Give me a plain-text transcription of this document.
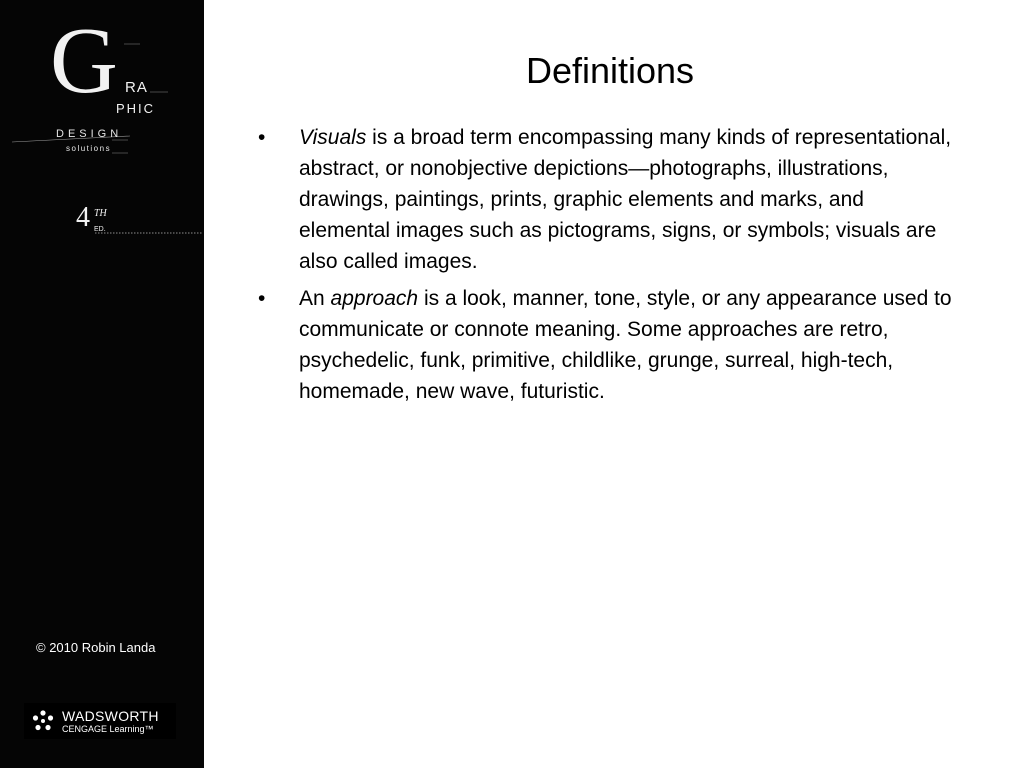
G RA
PHIC
DESIGN
solutions
4 TH
ED.
© 2010 Robin Landa
WADSWORTH
CENGAGE Learning™
Definitions
• Visuals is a broad term encompassing many kinds of representational, abstract, or nonobjective depictions—photographs, illustrations, drawings, paintings, prints, graphic elements and marks, and elemental images such as pictograms, signs, or symbols; visuals are also called images.
• An approach is a look, manner, tone, style, or any appearance used to communicate or connote meaning. Some approaches are retro, psychedelic, funk, primitive, childlike, grunge, surreal, high-tech, homemade, new wave, futuristic.
